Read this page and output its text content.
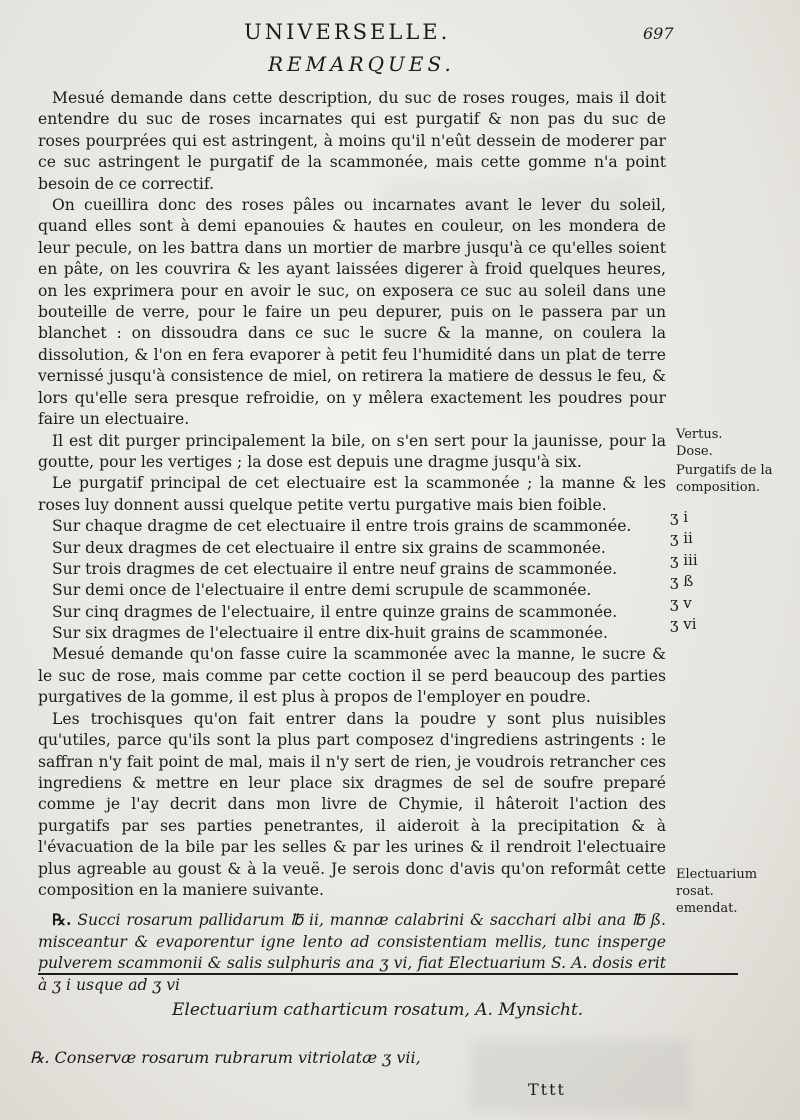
UNIVERSELLE.	697
REMARQUES.

Mesué demande dans cette description, du suc de roses rouges, mais il doit entendre du suc de roses incarnates qui est purgatif & non pas du suc de roses pourprées qui est astringent, à moins qu'il n'eût dessein de moderer par ce suc astringent le purgatif de la scammonée, mais cette gomme n'a point besoin de ce correctif.

On cueillira donc des roses pâles ou incarnates avant le lever du soleil, quand elles sont à demi epanouies & hautes en couleur, on les mondera de leur pecule, on les battra dans un mortier de marbre jusqu'à ce qu'elles soient en pâte, on les couvrira & les ayant laissées digerer à froid quelques heures, on les exprimera pour en avoir le suc, on exposera ce suc au soleil dans une bouteille de verre, pour le faire un peu depurer, puis on le passera par un blanchet : on dissoudra dans ce suc le sucre & la manne, on coulera la dissolution, & l'on en fera evaporer à petit feu l'humidité dans un plat de terre vernissé jusqu'à consistence de miel, on retirera la matiere de dessus le feu, & lors qu'elle sera presque refroidie, on y mêlera exactement les poudres pour faire un electuaire.

Il est dit purger principalement la bile, on s'en sert pour la jaunisse, pour la goutte, pour les vertiges ; la dose est depuis une dragme jusqu'à six.

Le purgatif principal de cet electuaire est la scammonée ; la manne & les roses luy donnent aussi quelque petite vertu purgative mais bien foible.

Sur chaque dragme de cet electuaire il entre trois grains de scammonée.
Sur deux dragmes de cet electuaire il entre six grains de scammonée.
Sur trois dragmes de cet electuaire il entre neuf grains de scammonée.
Sur demi once de l'electuaire il entre demi scrupule de scammonée.
Sur cinq dragmes de l'electuaire, il entre quinze grains de scammonée.
Sur six dragmes de l'electuaire il entre dix-huit grains de scammonée.

Mesué demande qu'on fasse cuire la scammonée avec la manne, le sucre & le suc de rose, mais comme par cette coction il se perd beaucoup des parties purgatives de la gomme, il est plus à propos de l'employer en poudre.

Les trochisques qu'on fait entrer dans la poudre y sont plus nuisibles qu'utiles, parce qu'ils sont la plus part composez d'ingrediens astringents : le saffran n'y fait point de mal, mais il n'y sert de rien, je voudrois retrancher ces ingrediens & mettre en leur place six dragmes de sel de soufre preparé comme je l'ay decrit dans mon livre de Chymie, il hâteroit l'action des purgatifs par ses parties penetrantes, il aideroit à la precipitation & à l'évacuation de la bile par les selles & par les urines & il rendroit l'electuaire plus agreable au goust & à la veuë. Je serois donc d'avis qu'on reformât cette composition en la maniere suivante.

℞. Succi rosarum pallidarum ℔ ii, mannæ calabrini & sacchari albi ana ℔ ß. misceantur & evaporentur igne lento ad consistentiam mellis, tunc insperge pulverem scammonii & salis sulphuris ana ʒ vi, fiat Electuarium S. A. dosis erit à ʒ i usque ad ʒ vi

Vertus.
Dose.
Purgatifs de la composition.
ʒ i
ʒ ii
ʒ iii
ʒ ß
ʒ v
ʒ vi
Electuarium rosat. emendat.
Electuarium catharticum rosatum, A. Mynsicht.
℞. Conservæ rosarum rubrarum vitriolatæ ʒ vii,
Tttt
